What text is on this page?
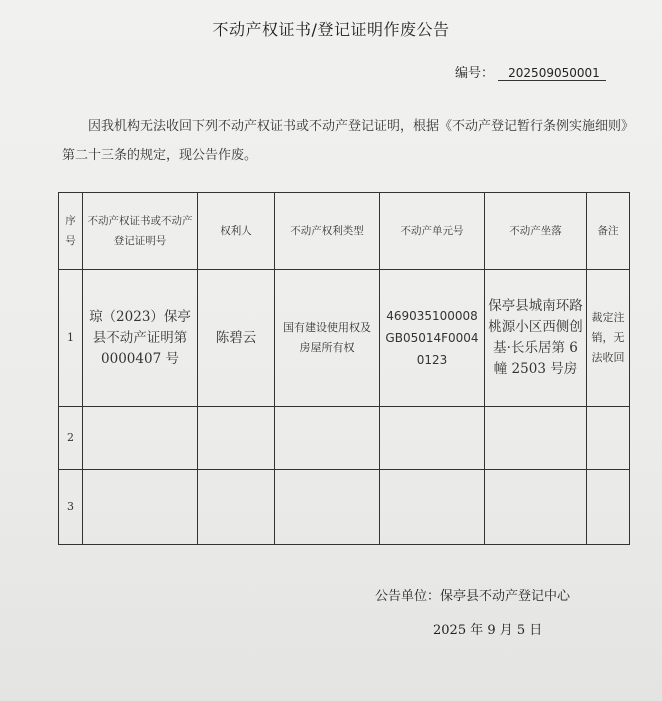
不动产权证书/登记证明作废公告
编号： 202509050001
因我机构无法收回下列不动产权证书或不动产登记证明，根据《不动产登记暂行条例实施细则》第二十三条的规定，现公告作废。
序号	不动产权证书或不动产登记证明号	权利人	不动产权利类型	不动产单元号	不动产坐落	备注
1	琼（2023）保亭县不动产证明第 0000407 号	陈碧云	国有建设使用权及房屋所有权	469035100008GB05014F00040123	保亭县城南环路桃源小区西侧创基·长乐居第 6 幢 2503 号房	裁定注销，无法收回
2						
3						
公告单位：保亭县不动产登记中心
2025 年 9 月 5 日
